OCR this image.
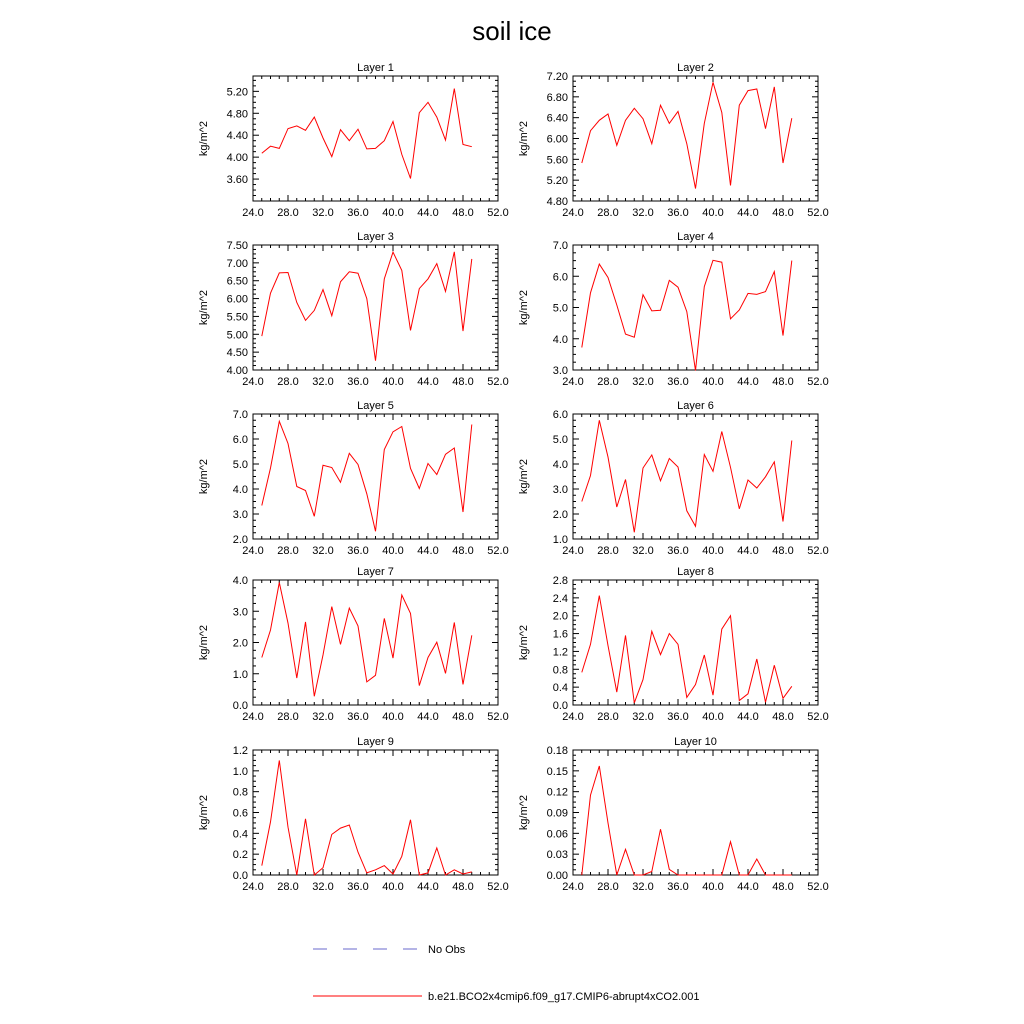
soil ice
Layer 1
kg/m^2
24.0 28.0 32.0 36.0 40.0 44.0 48.0 52.0
3.60
4.00
4.40
4.80
5.20
Layer 2
kg/m^2
24.0 28.0 32.0 36.0 40.0 44.0 48.0 52.0
4.80
5.20
5.60
6.00
6.40
6.80
7.20
Layer 3
kg/m^2
24.0 28.0 32.0 36.0 40.0 44.0 48.0 52.0
4.00
4.50
5.00
5.50
6.00
6.50
7.00
7.50
Layer 4
kg/m^2
24.0 28.0 32.0 36.0 40.0 44.0 48.0 52.0
3.0
4.0
5.0
6.0
7.0
Layer 5
kg/m^2
24.0 28.0 32.0 36.0 40.0 44.0 48.0 52.0
2.0
3.0
4.0
5.0
6.0
7.0
Layer 6
kg/m^2
24.0 28.0 32.0 36.0 40.0 44.0 48.0 52.0
1.0
2.0
3.0
4.0
5.0
6.0
Layer 7
kg/m^2
24.0 28.0 32.0 36.0 40.0 44.0 48.0 52.0
0.0
1.0
2.0
3.0
4.0
Layer 8
kg/m^2
24.0 28.0 32.0 36.0 40.0 44.0 48.0 52.0
0.0
0.4
0.8
1.2
1.6
2.0
2.4
2.8
Layer 9
kg/m^2
24.0 28.0 32.0 36.0 40.0 44.0 48.0 52.0
0.0
0.2
0.4
0.6
0.8
1.0
1.2
Layer 10
kg/m^2
24.0 28.0 32.0 36.0 40.0 44.0 48.0 52.0
0.00
0.03
0.06
0.09
0.12
0.15
0.18
No Obs
b.e21.BCO2x4cmip6.f09_g17.CMIP6-abrupt4xCO2.001
